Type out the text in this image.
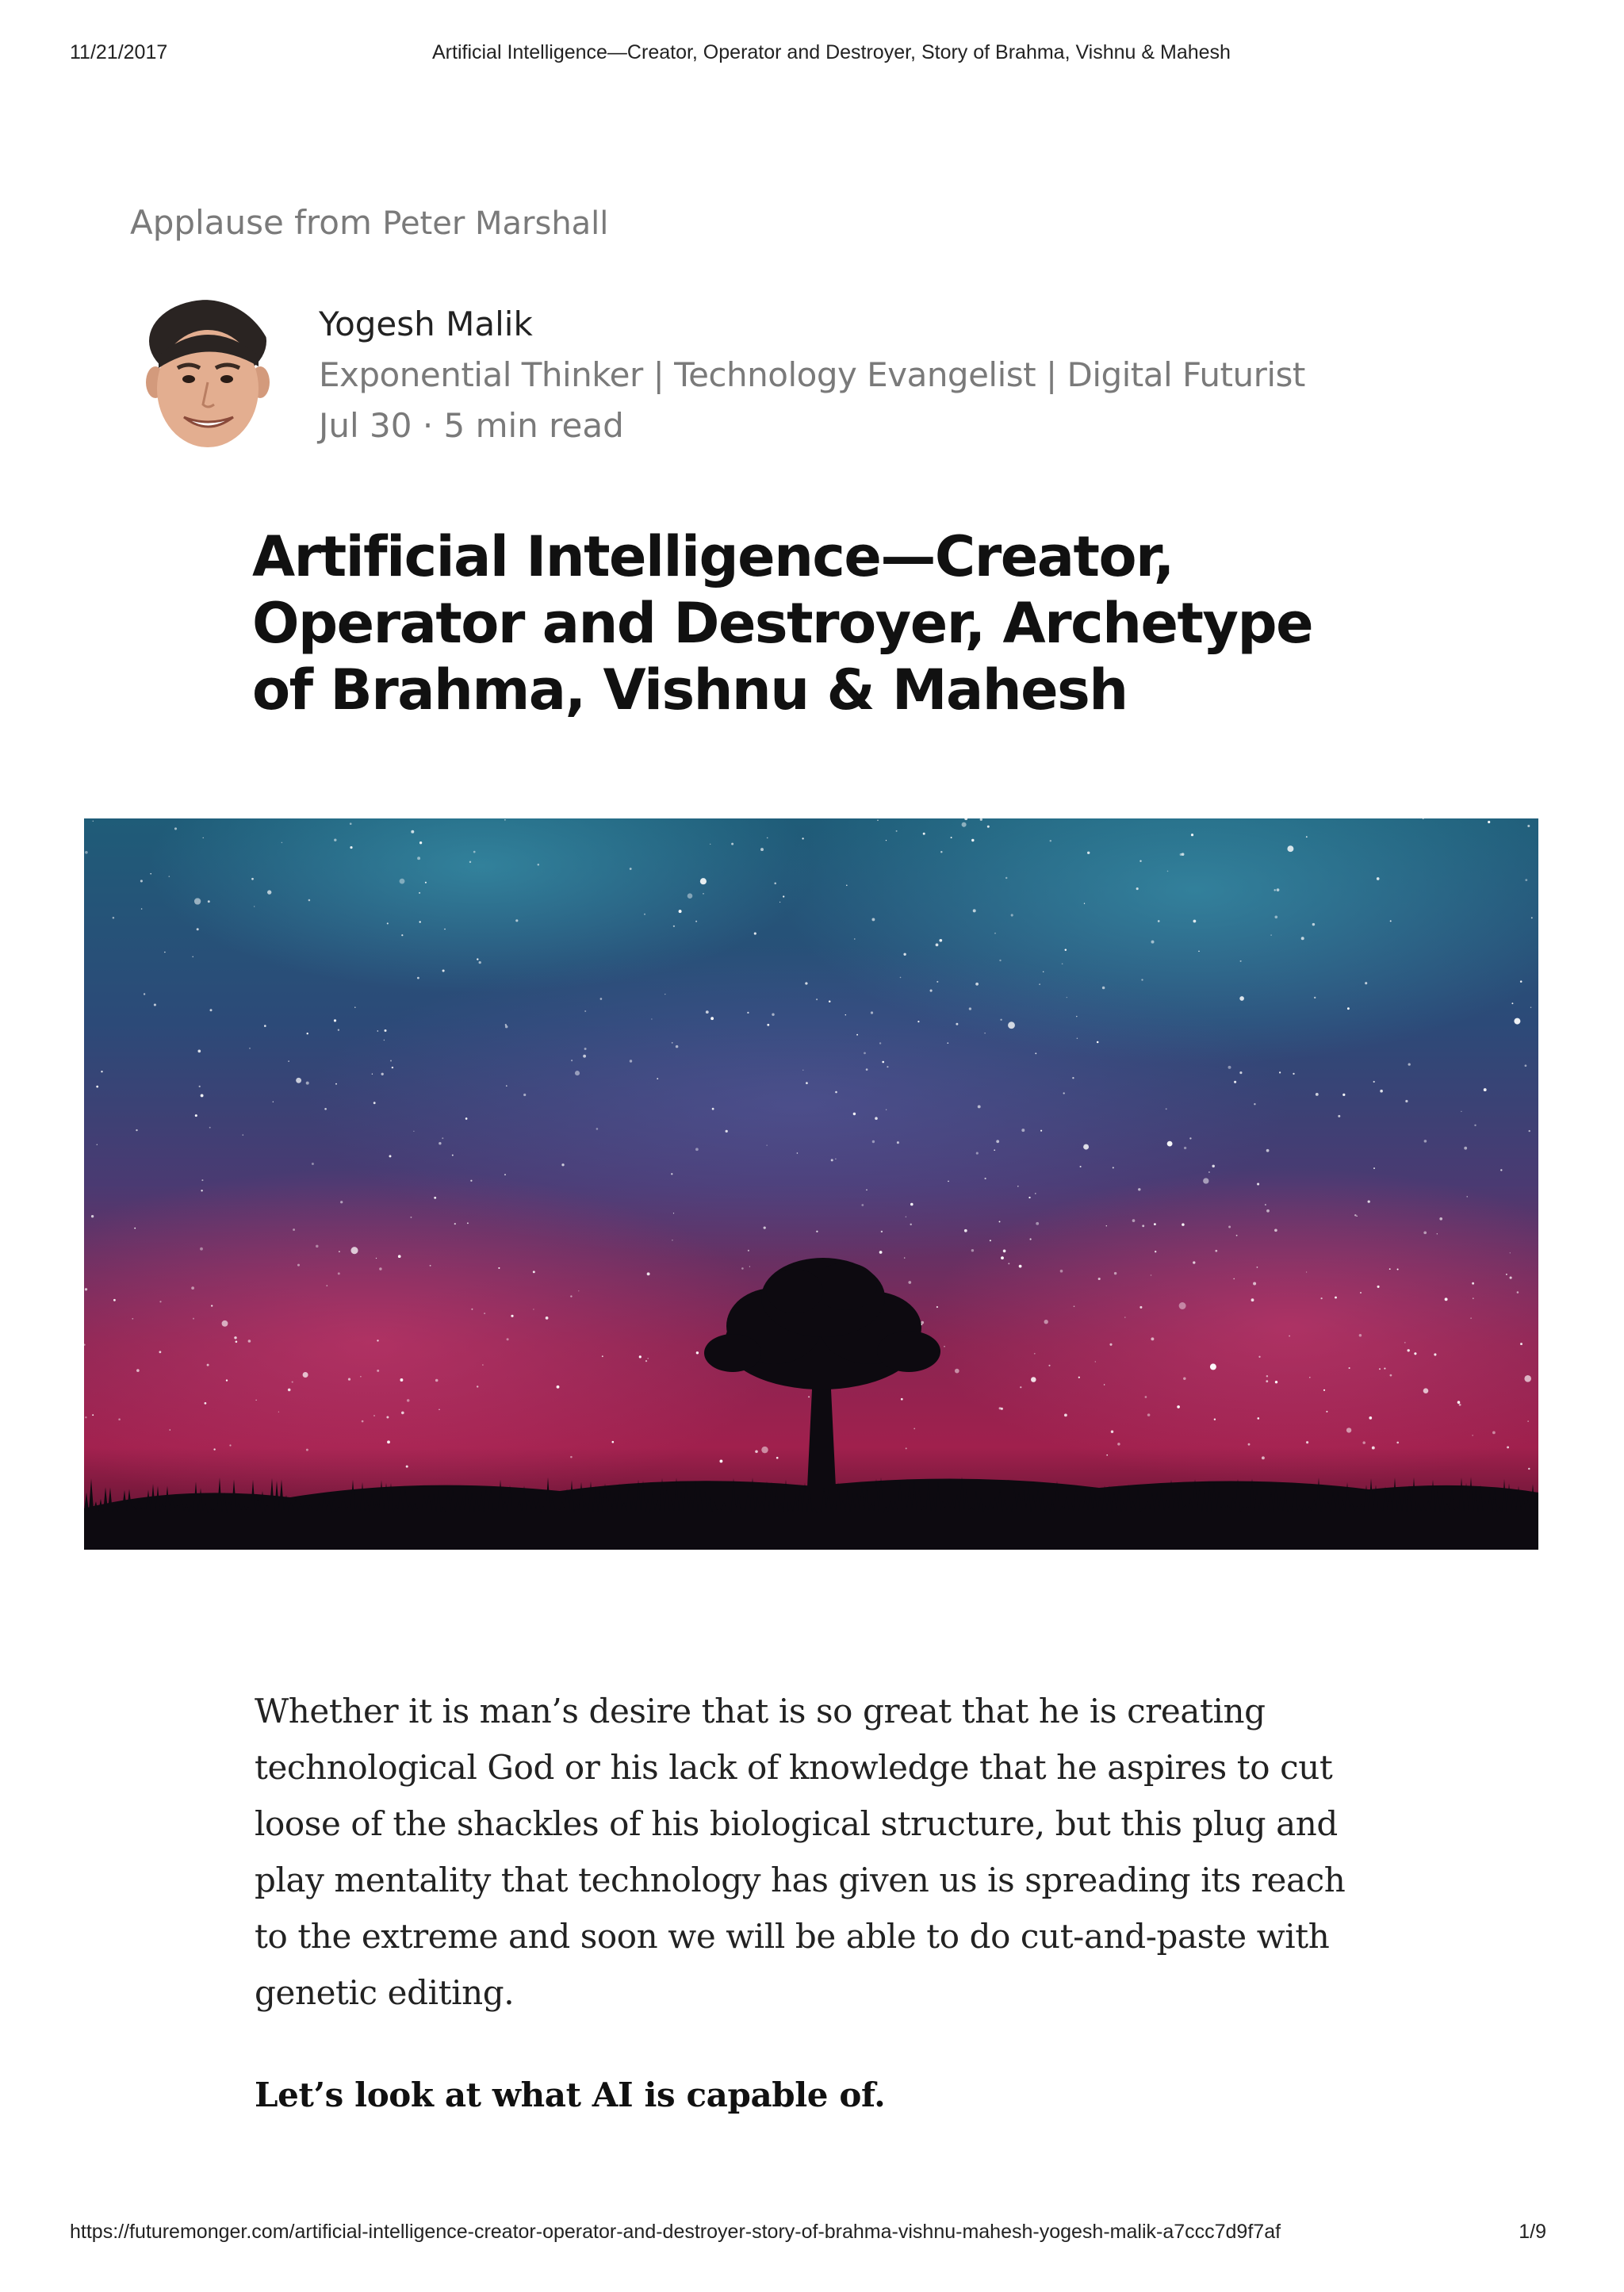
11/21/2017	Artificial Intelligence—Creator, Operator and Destroyer, Story of Brahma, Vishnu & Mahesh
Applause from Peter Marshall
Yogesh Malik
Exponential Thinker | Technology Evangelist | Digital Futurist
Jul 30 · 5 min read
Artificial Intelligence—Creator, Operator and Destroyer, Archetype of Brahma, Vishnu & Mahesh

Whether it is man’s desire that is so great that he is creating technological God or his lack of knowledge that he aspires to cut loose of the shackles of his biological structure, but this plug and play mentality that technology has given us is spreading its reach to the extreme and soon we will be able to do cut-and-paste with genetic editing.

Let’s look at what AI is capable of.

https://futuremonger.com/artificial-intelligence-creator-operator-and-destroyer-story-of-brahma-vishnu-mahesh-yogesh-malik-a7ccc7d9f7af	1/9
